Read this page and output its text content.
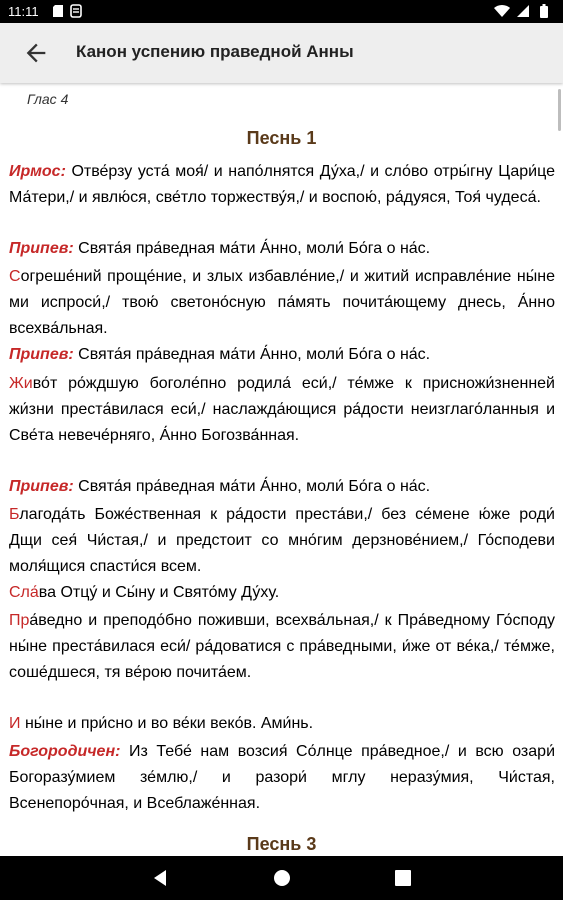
11:11
Канон успению праведной Анны
Глас 4
Песнь 1
Ирмос: Отве́рзу уста́ моя́/ и напо́лнятся Ду́ха,/ и сло́во отры́гну Цари́це Ма́тери,/ и явлю́ся, све́тло торжеству́я,/ и воспою́, ра́дуяся, Тоя́ чудеса́.
Припев: Свята́я пра́ведная ма́ти А́нно, моли́ Бо́га о на́с.
Согреше́ний проще́ние, и злых избавле́ние,/ и житий исправле́ние ны́не ми испроси́,/ твою́ светоно́сную па́мять почита́ющему днесь, А́нно всехва́льная.
Припев: Свята́я пра́ведная ма́ти А́нно, моли́ Бо́га о на́с.
Живо́т ро́ждшую боголе́пно родила́ еси́,/ те́мже к присножи́зненней жи́зни преста́вилася еси́,/ наслажда́ющися ра́дости неизглаго́ланныя и Све́та невече́рняго, А́нно Богозва́нная.
Припев: Свята́я пра́ведная ма́ти А́нно, моли́ Бо́га о на́с.
Благода́ть Боже́ственная к ра́дости преста́ви,/ без се́мене ю́же роди́ Дщи сея́ Чи́стая,/ и предстоит со мно́гим дерзнове́нием,/ Го́сподеви моля́щися спасти́ся всем.
Сла́ва Отцу́ и Сы́ну и Свято́му Ду́ху.
Пра́ведно и преподо́бно поживши, всехва́льная,/ к Пра́ведному Го́споду ны́не преста́вилася еси́/ ра́доватися с пра́ведными, и́же от ве́ка,/ те́мже, соше́дшеся, тя ве́рою почита́ем.
И ны́не и при́сно и во ве́ки веко́в. Ами́нь.
Богородичен: Из Тебе́ нам возсия́ Со́лнце пра́ведное,/ и всю озари́ Богоразу́мием зе́млю,/ и разори́ мглу неразу́мия, Чи́стая, Всенепоро́чная, и Всеблаже́нная.
Песнь 3
